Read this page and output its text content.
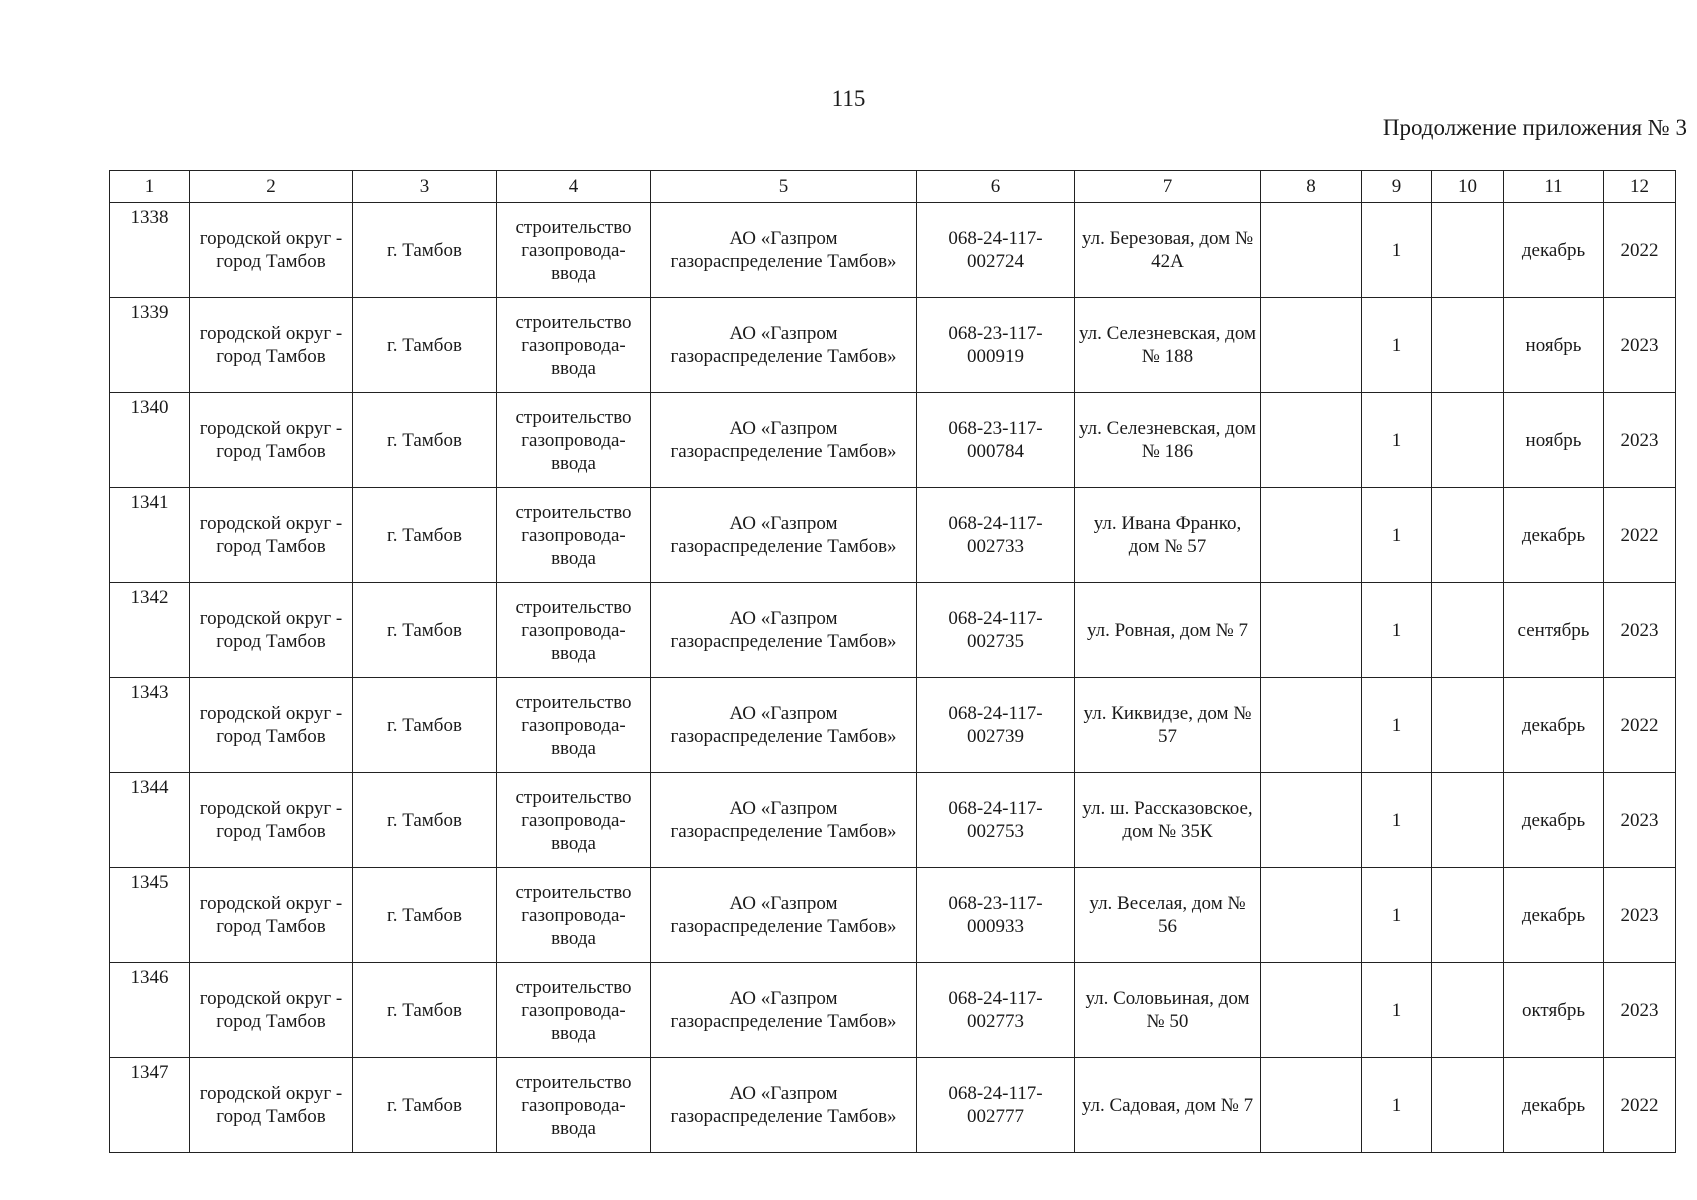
115
Продолжение приложения № 3
1	2	3	4	5	6	7	8	9	10	11	12
1338	городской округ - город Тамбов	г. Тамбов	строительство газопровода-ввода	АО «Газпром газораспределение Тамбов»	068-24-117-002724	ул. Березовая, дом № 42А		1		декабрь	2022
1339	городской округ - город Тамбов	г. Тамбов	строительство газопровода-ввода	АО «Газпром газораспределение Тамбов»	068-23-117-000919	ул. Селезневская, дом № 188		1		ноябрь	2023
1340	городской округ - город Тамбов	г. Тамбов	строительство газопровода-ввода	АО «Газпром газораспределение Тамбов»	068-23-117-000784	ул. Селезневская, дом № 186		1		ноябрь	2023
1341	городской округ - город Тамбов	г. Тамбов	строительство газопровода-ввода	АО «Газпром газораспределение Тамбов»	068-24-117-002733	ул. Ивана Франко, дом № 57		1		декабрь	2022
1342	городской округ - город Тамбов	г. Тамбов	строительство газопровода-ввода	АО «Газпром газораспределение Тамбов»	068-24-117-002735	ул. Ровная, дом № 7		1		сентябрь	2023
1343	городской округ - город Тамбов	г. Тамбов	строительство газопровода-ввода	АО «Газпром газораспределение Тамбов»	068-24-117-002739	ул. Киквидзе, дом № 57		1		декабрь	2022
1344	городской округ - город Тамбов	г. Тамбов	строительство газопровода-ввода	АО «Газпром газораспределение Тамбов»	068-24-117-002753	ул. ш. Рассказовское, дом № 35К		1		декабрь	2023
1345	городской округ - город Тамбов	г. Тамбов	строительство газопровода-ввода	АО «Газпром газораспределение Тамбов»	068-23-117-000933	ул. Веселая, дом № 56		1		декабрь	2023
1346	городской округ - город Тамбов	г. Тамбов	строительство газопровода-ввода	АО «Газпром газораспределение Тамбов»	068-24-117-002773	ул. Соловьиная, дом № 50		1		октябрь	2023
1347	городской округ - город Тамбов	г. Тамбов	строительство газопровода-ввода	АО «Газпром газораспределение Тамбов»	068-24-117-002777	ул. Садовая, дом № 7		1		декабрь	2022
